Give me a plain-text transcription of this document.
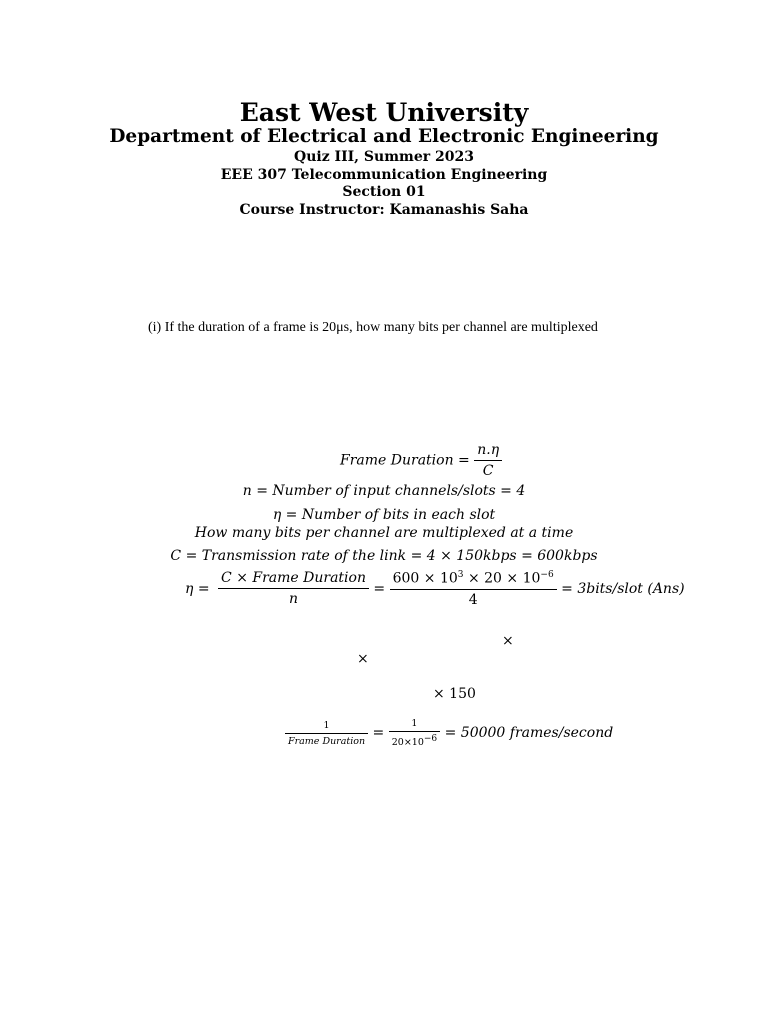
East West University
Department of Electrical and Electronic Engineering
Quiz III, Summer 2023
EEE 307 Telecommunication Engineering
Section 01
Course Instructor: Kamanashis Saha
(i) If the duration of a frame is 20μs, how many bits per channel are multiplexed
Frame Duration = $\frac{n.\eta}{C}$
n = Number of input channels/slots = 4
η = Number of bits in each slot
How many bits per channel are multiplexed at a time
C = Transmission rate of the link = 4 × 150kbps = 600kbps
$\eta = \frac{\text{C × Frame Duration}}{n} = \frac{600 \times 10^3 \times 20 \times 10^{-6}}{4}$ = 3bits/slot (Ans)
×
×
× 150
$\frac{1}{\text{Frame Duration}} = \frac{1}{20\times 10^{-6}} = 50000$ frames/second
